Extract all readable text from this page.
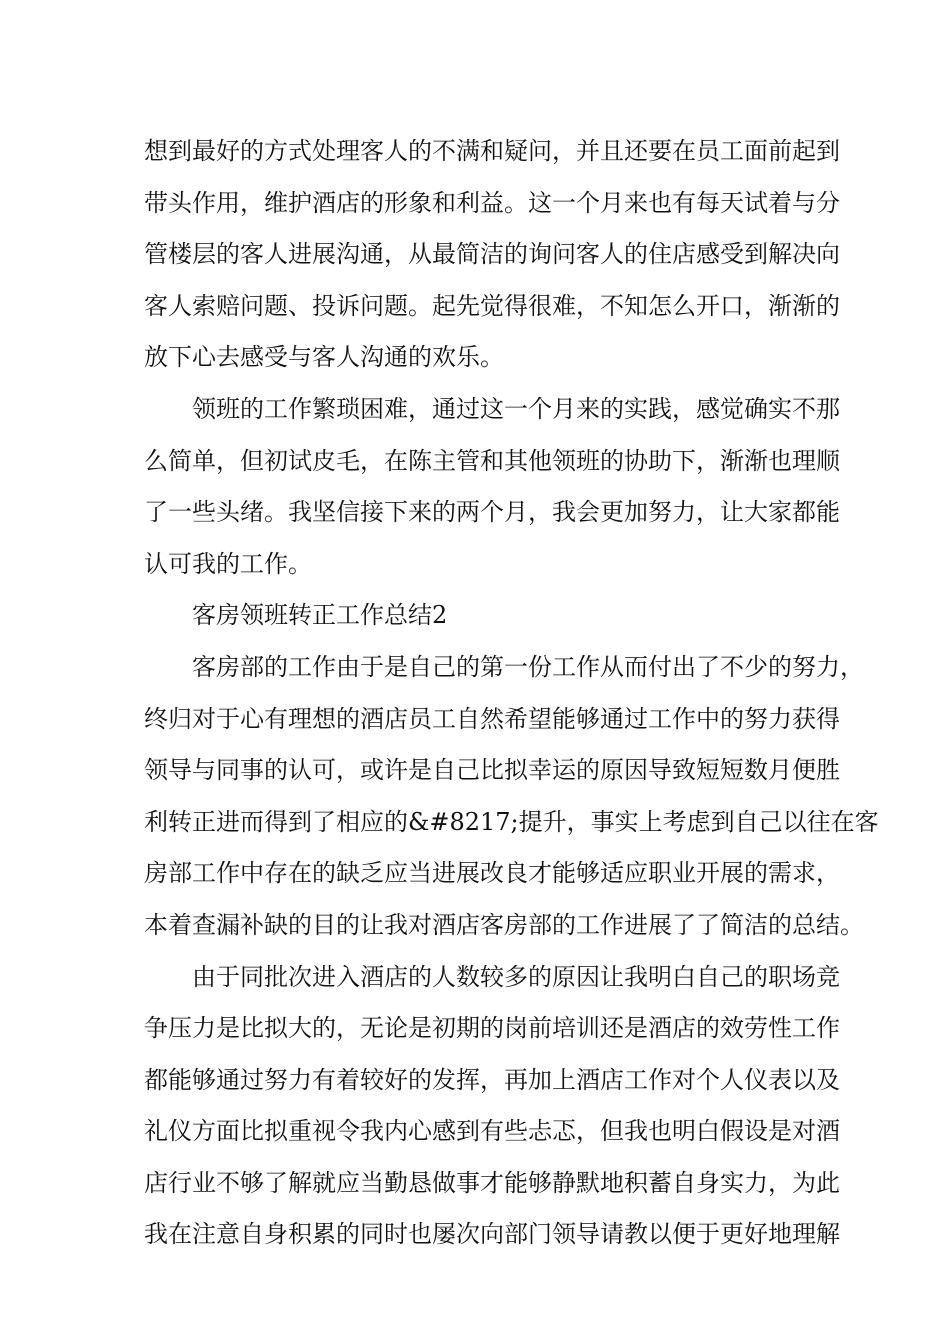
想到最好的方式处理客人的不满和疑问，并且还要在员工面前起到
带头作用，维护酒店的形象和利益。这一个月来也有每天试着与分
管楼层的客人进展沟通，从最简洁的询问客人的住店感受到解决向
客人索赔问题、投诉问题。起先觉得很难，不知怎么开口，渐渐的
放下心去感受与客人沟通的欢乐。
领班的工作繁琐困难，通过这一个月来的实践，感觉确实不那
么简单，但初试皮毛，在陈主管和其他领班的协助下，渐渐也理顺
了一些头绪。我坚信接下来的两个月，我会更加努力，让大家都能
认可我的工作。
客房领班转正工作总结2
客房部的工作由于是自己的第一份工作从而付出了不少的努力，
终归对于心有理想的酒店员工自然希望能够通过工作中的努力获得
领导与同事的认可，或许是自己比拟幸运的原因导致短短数月便胜
利转正进而得到了相应的&#8217;提升，事实上考虑到自己以往在客
房部工作中存在的缺乏应当进展改良才能够适应职业开展的需求，
本着查漏补缺的目的让我对酒店客房部的工作进展了了简洁的总结。
由于同批次进入酒店的人数较多的原因让我明白自己的职场竞
争压力是比拟大的，无论是初期的岗前培训还是酒店的效劳性工作
都能够通过努力有着较好的发挥，再加上酒店工作对个人仪表以及
礼仪方面比拟重视令我内心感到有些忐忑，但我也明白假设是对酒
店行业不够了解就应当勤恳做事才能够静默地积蓄自身实力，为此
我在注意自身积累的同时也屡次向部门领导请教以便于更好地理解
